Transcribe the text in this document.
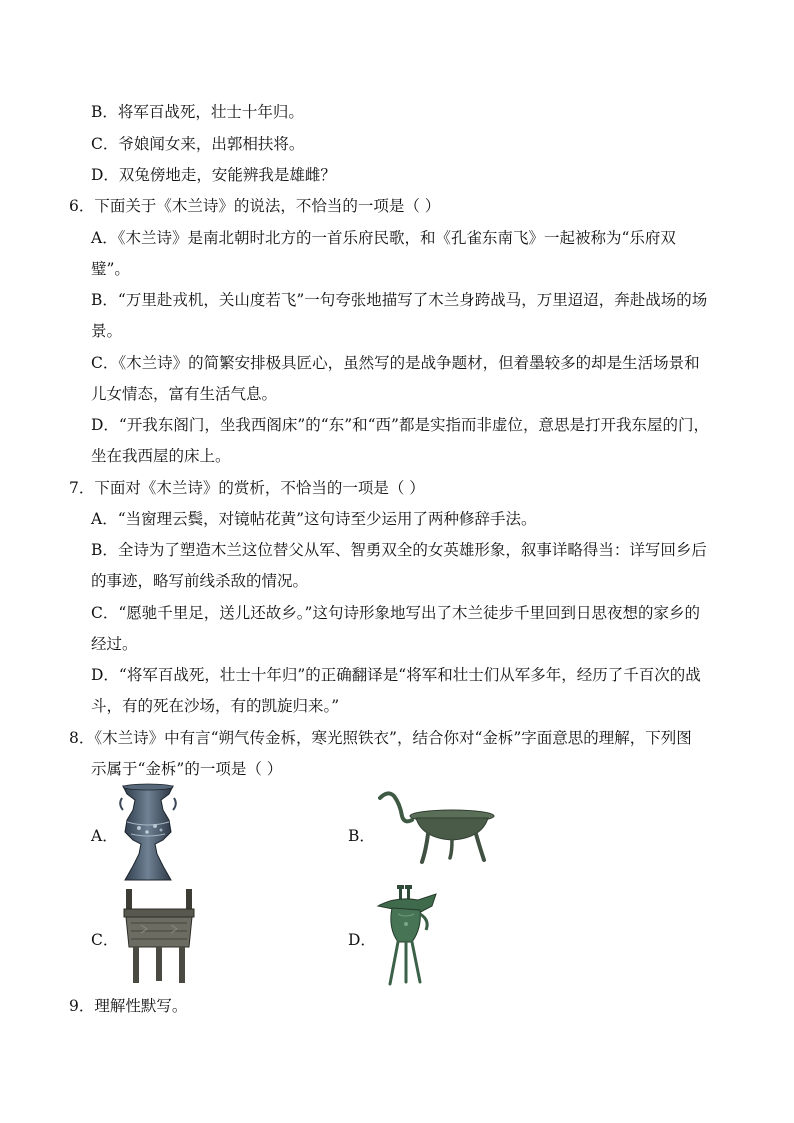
B．将军百战死，壮士十年归。
C．爷娘闻女来，出郭相扶将。
D．双兔傍地走，安能辨我是雄雌？
6．下面关于《木兰诗》的说法，不恰当的一项是（ ）
A．《木兰诗》是南北朝时北方的一首乐府民歌，和《孔雀东南飞》一起被称为“乐府双
璧”。
B．“万里赴戎机，关山度若飞”一句夸张地描写了木兰身跨战马，万里迢迢，奔赴战场的场
景。
C．《木兰诗》的简繁安排极具匠心，虽然写的是战争题材，但着墨较多的却是生活场景和
儿女情态，富有生活气息。
D．“开我东阁门，坐我西阁床”的“东”和“西”都是实指而非虚位，意思是打开我东屋的门，
坐在我西屋的床上。
7．下面对《木兰诗》的赏析，不恰当的一项是（ ）
A．“当窗理云鬓，对镜帖花黄”这句诗至少运用了两种修辞手法。
B．全诗为了塑造木兰这位替父从军、智勇双全的女英雄形象，叙事详略得当：详写回乡后
的事迹，略写前线杀敌的情况。
C．“愿驰千里足，送儿还故乡。”这句诗形象地写出了木兰徒步千里回到日思夜想的家乡的
经过。
D．“将军百战死，壮士十年归”的正确翻译是“将军和壮士们从军多年，经历了千百次的战
斗，有的死在沙场，有的凯旋归来。”
8．《木兰诗》中有言“朔气传金柝，寒光照铁衣”，结合你对“金柝”字面意思的理解，下列图
示属于“金柝”的一项是（ ）
A．	B．
C．	D．
9．理解性默写。
